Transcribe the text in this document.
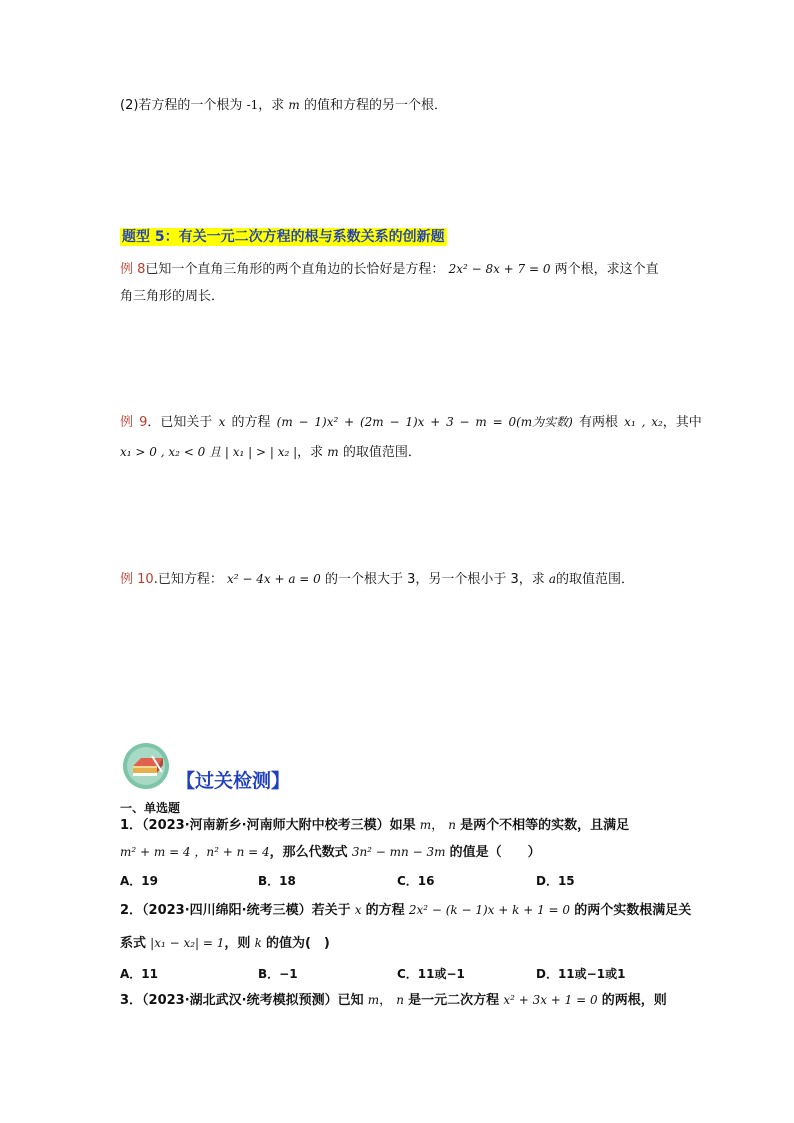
(2)若方程的一个根为 -1，求 m 的值和方程的另一个根．
题型 5：有关一元二次方程的根与系数关系的创新题
例 8已知一个直角三角形的两个直角边的长恰好是方程： 2x² − 8x + 7 = 0 两个根，求这个直
角三角形的周长．
例 9．已知关于 x 的方程 (m − 1)x² + (2m − 1)x + 3 − m = 0(m为实数) 有两根 x₁ , x₂，其中
x₁ > 0 , x₂ < 0 且 | x₁ | > | x₂ |，求 m 的取值范围．
例 10.已知方程： x² − 4x + a = 0 的一个根大于 3，另一个根小于 3，求 a的取值范围．
【过关检测】
一、单选题
1．（2023·河南新乡·河南师大附中校考三模）如果 m， n 是两个不相等的实数，且满足
m² + m = 4 ，n² + n = 4，那么代数式 3n² − mn − 3m 的值是（　　）
A．19	B．18	C．16	D．15
2．（2023·四川绵阳·统考三模）若关于 x 的方程 2x² − (k − 1)x + k + 1 = 0 的两个实数根满足关
系式 |x₁ − x₂| = 1，则 k 的值为(　)
A．11	B．−1	C．11或−1	D．11或−1或1
3．（2023·湖北武汉·统考模拟预测）已知 m， n 是一元二次方程 x² + 3x + 1 = 0 的两根，则
